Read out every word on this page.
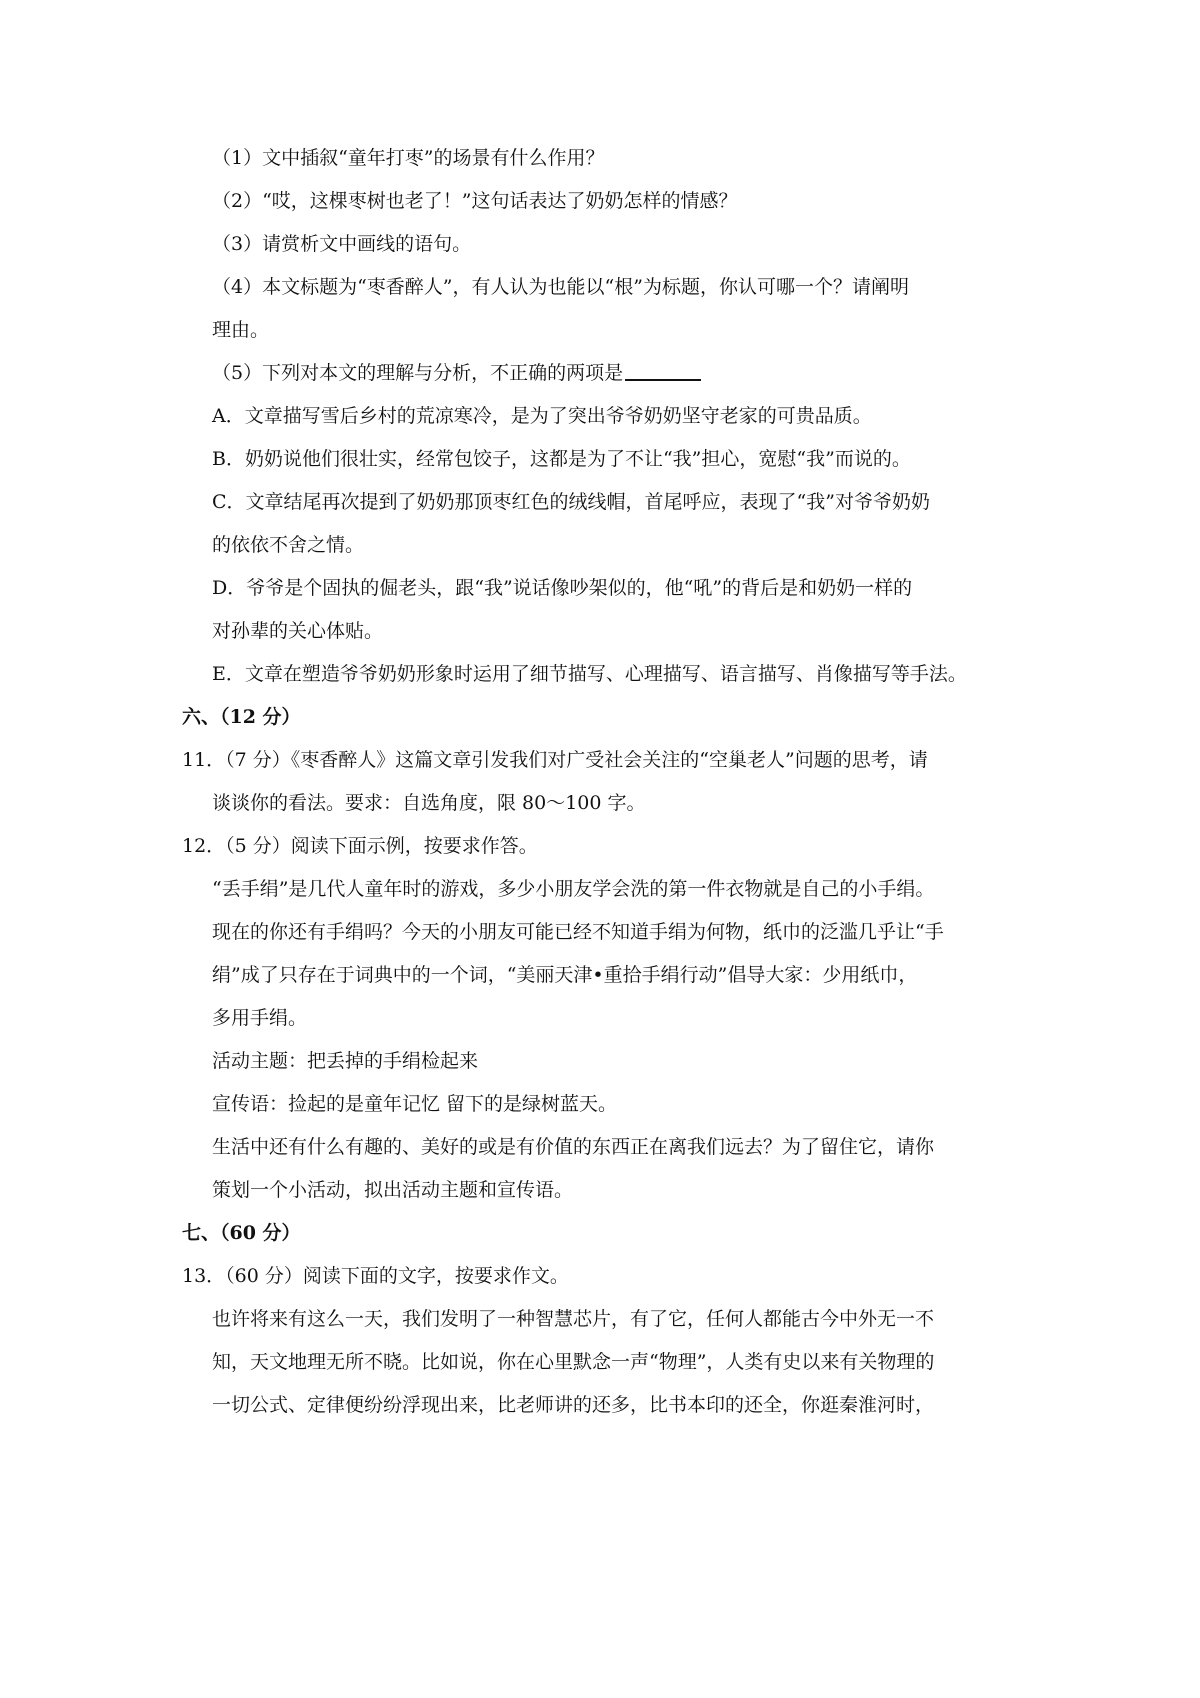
（1）文中插叙“童年打枣”的场景有什么作用？
（2）“哎，这棵枣树也老了！”这句话表达了奶奶怎样的情感？
（3）请赏析文中画线的语句。
（4）本文标题为“枣香醉人”，有人认为也能以“根”为标题，你认可哪一个？请阐明
理由。
（5）下列对本文的理解与分析，不正确的两项是
A．文章描写雪后乡村的荒凉寒冷，是为了突出爷爷奶奶坚守老家的可贵品质。
B．奶奶说他们很壮实，经常包饺子，这都是为了不让“我”担心，宽慰“我”而说的。
C．文章结尾再次提到了奶奶那顶枣红色的绒线帽，首尾呼应，表现了“我”对爷爷奶奶
的依依不舍之情。
D．爷爷是个固执的倔老头，跟“我”说话像吵架似的，他“吼”的背后是和奶奶一样的
对孙辈的关心体贴。
E．文章在塑造爷爷奶奶形象时运用了细节描写、心理描写、语言描写、肖像描写等手法。
六、（12 分）
11．（7 分）《枣香醉人》这篇文章引发我们对广受社会关注的“空巢老人”问题的思考，请
谈谈你的看法。要求：自选角度，限 80～100 字。
12．（5 分）阅读下面示例，按要求作答。
“丢手绢”是几代人童年时的游戏，多少小朋友学会洗的第一件衣物就是自己的小手绢。
现在的你还有手绢吗？今天的小朋友可能已经不知道手绢为何物，纸巾的泛滥几乎让“手
绢”成了只存在于词典中的一个词，“美丽天津•重拾手绢行动”倡导大家：少用纸巾，
多用手绢。
活动主题：把丢掉的手绢检起来
宣传语：捡起的是童年记忆 留下的是绿树蓝天。
生活中还有什么有趣的、美好的或是有价值的东西正在离我们远去？为了留住它，请你
策划一个小活动，拟出活动主题和宣传语。
七、（60 分）
13．（60 分）阅读下面的文字，按要求作文。
也许将来有这么一天，我们发明了一种智慧芯片，有了它，任何人都能古今中外无一不
知，天文地理无所不晓。比如说，你在心里默念一声“物理”，人类有史以来有关物理的
一切公式、定律便纷纷浮现出来，比老师讲的还多，比书本印的还全，你逛秦淮河时，
